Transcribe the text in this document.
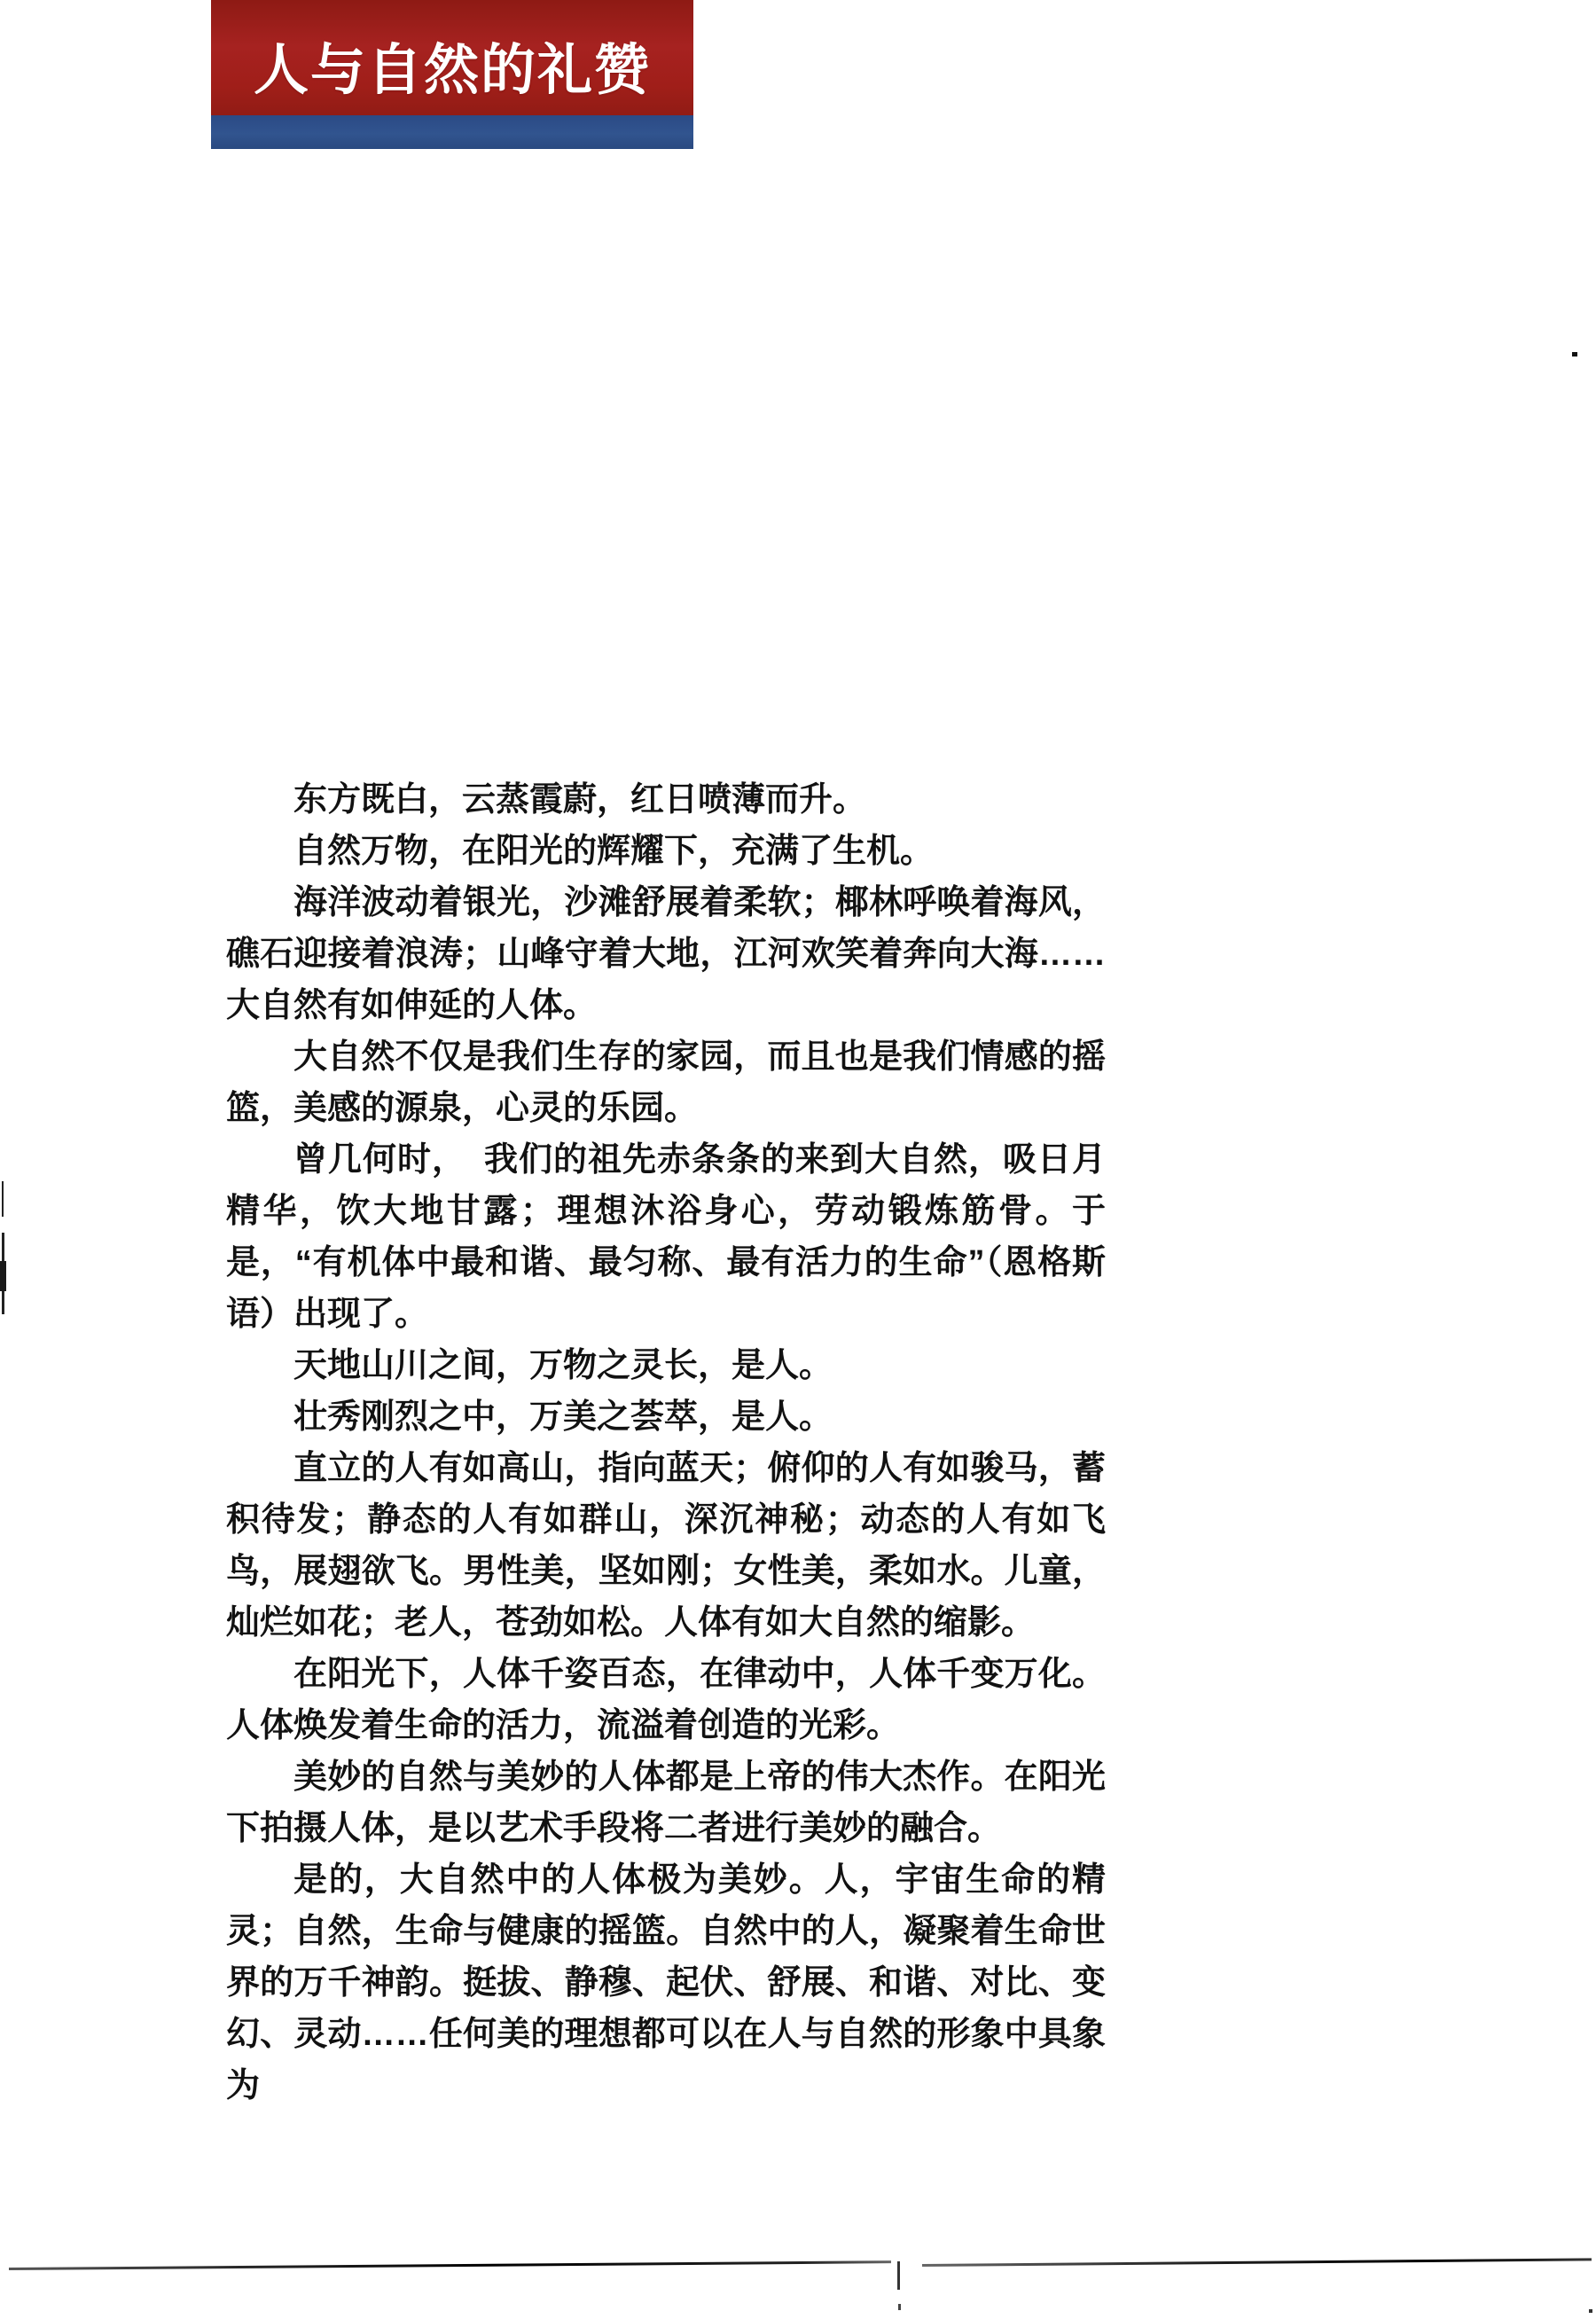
人与自然的礼赞

东方既白，云蒸霞蔚，红日喷薄而升。

自然万物，在阳光的辉耀下，充满了生机。

海洋波动着银光，沙滩舒展着柔软；椰林呼唤着海风，礁石迎接着浪涛；山峰守着大地，江河欢笑着奔向大海……大自然有如伸延的人体。

大自然不仅是我们生存的家园，而且也是我们情感的摇篮，美感的源泉，心灵的乐园。

曾几何时，　我们的祖先赤条条的来到大自然，吸日月精华，饮大地甘露；理想沐浴身心，劳动锻炼筋骨。于是，“有机体中最和谐、最匀称、最有活力的生命”（恩格斯语）出现了。

天地山川之间，万物之灵长，是人。

壮秀刚烈之中，万美之荟萃，是人。

直立的人有如高山，指向蓝天；俯仰的人有如骏马，蓄积待发；静态的人有如群山，深沉神秘；动态的人有如飞鸟，展翅欲飞。男性美，坚如刚；女性美，柔如水。儿童，灿烂如花；老人，苍劲如松。人体有如大自然的缩影。

在阳光下，人体千姿百态，在律动中，人体千变万化。人体焕发着生命的活力，流溢着创造的光彩。

美妙的自然与美妙的人体都是上帝的伟大杰作。在阳光下拍摄人体，是以艺术手段将二者进行美妙的融合。

是的，大自然中的人体极为美妙。人，宇宙生命的精灵；自然，生命与健康的摇篮。自然中的人，凝聚着生命世界的万千神韵。挺拔、静穆、起伏、舒展、和谐、对比、变幻、灵动……任何美的理想都可以在人与自然的形象中具象为
